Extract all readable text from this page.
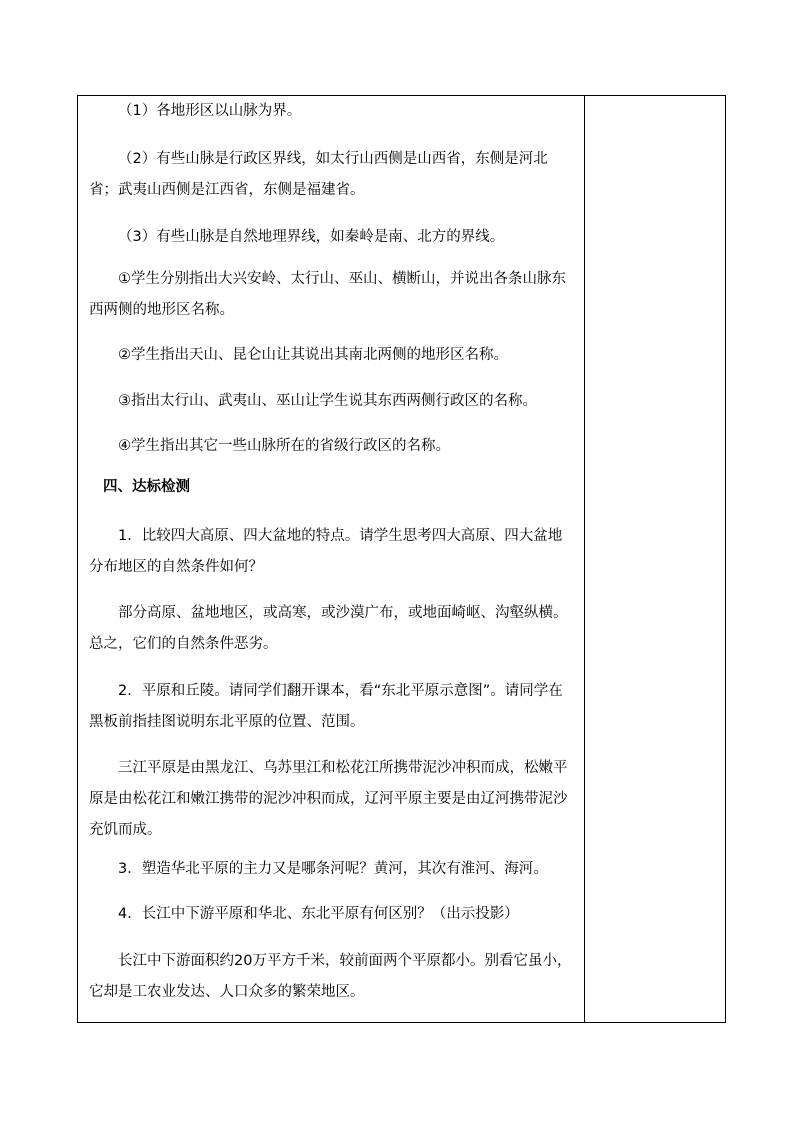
（1）各地形区以山脉为界。

（2）有些山脉是行政区界线，如太行山西侧是山西省，东侧是河北省；武夷山西侧是江西省，东侧是福建省。

（3）有些山脉是自然地理界线，如秦岭是南、北方的界线。

①学生分别指出大兴安岭、太行山、巫山、横断山，并说出各条山脉东西两侧的地形区名称。

②学生指出天山、昆仑山让其说出其南北两侧的地形区名称。

③指出太行山、武夷山、巫山让学生说其东西两侧行政区的名称。

④学生指出其它一些山脉所在的省级行政区的名称。

四、达标检测

1．比较四大高原、四大盆地的特点。请学生思考四大高原、四大盆地分布地区的自然条件如何？

部分高原、盆地地区，或高寒，或沙漠广布，或地面崎岖、沟壑纵横。总之，它们的自然条件恶劣。

2．平原和丘陵。请同学们翻开课本，看“东北平原示意图”。请同学在黑板前指挂图说明东北平原的位置、范围。

三江平原是由黑龙江、乌苏里江和松花江所携带泥沙冲积而成，松嫩平原是由松花江和嫩江携带的泥沙冲积而成，辽河平原主要是由辽河携带泥沙充饥而成。

3．塑造华北平原的主力又是哪条河呢？黄河，其次有淮河、海河。

4．长江中下游平原和华北、东北平原有何区别？（出示投影）

长江中下游面积约20万平方千米，较前面两个平原都小。别看它虽小，它却是工农业发达、人口众多的繁荣地区。
